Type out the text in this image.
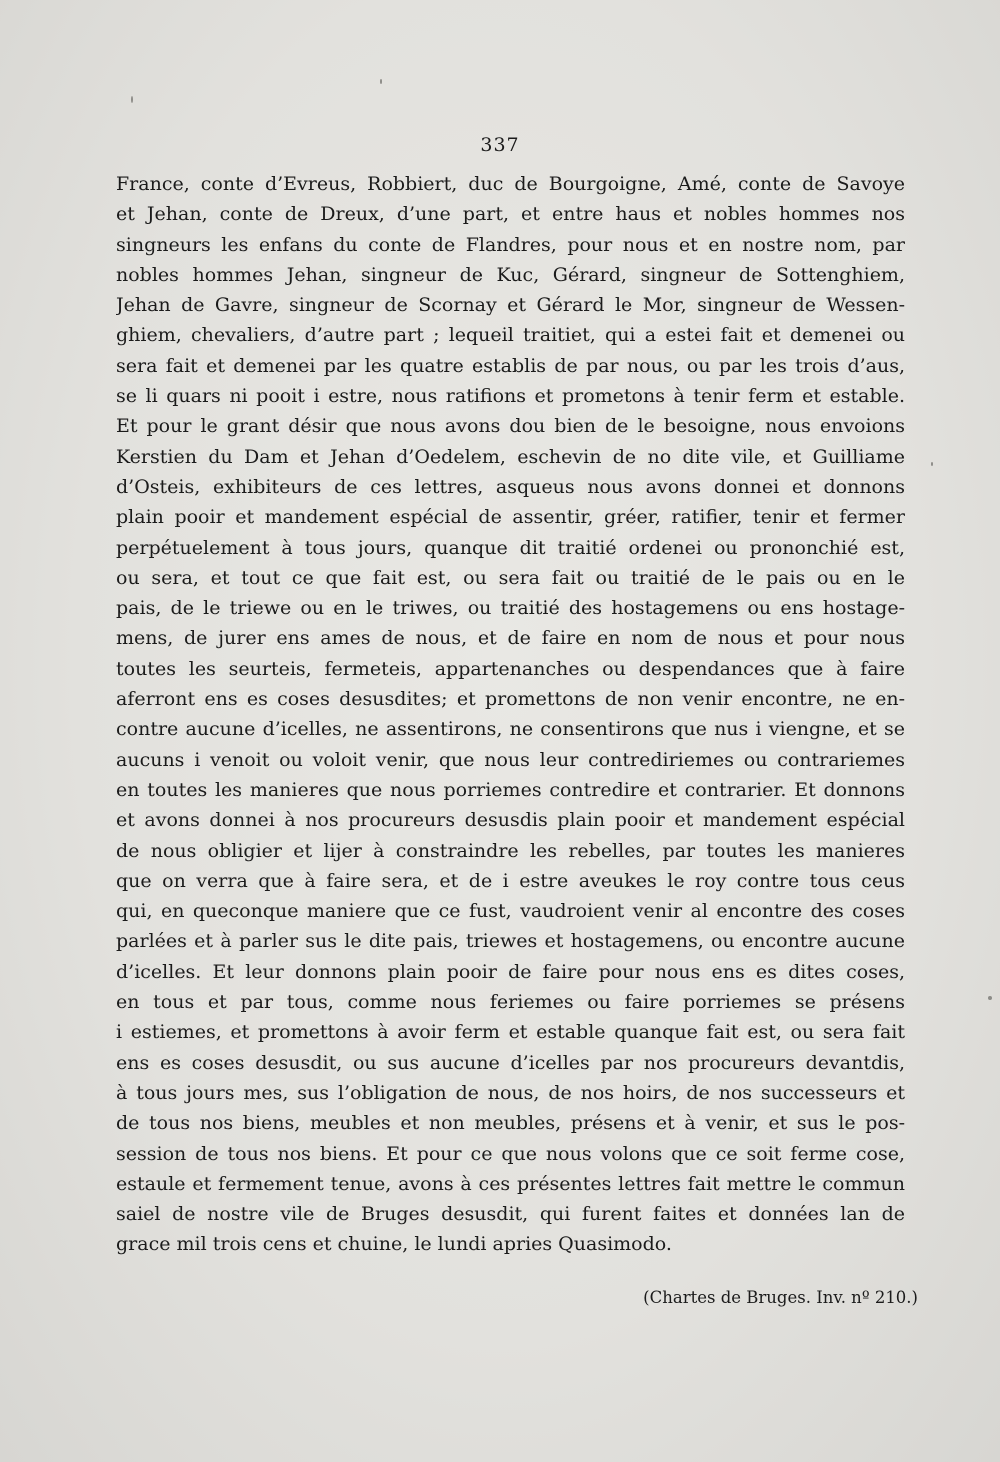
337
France, conte d’Evreus, Robbiert, duc de Bourgoigne, Amé, conte de Savoye
et Jehan, conte de Dreux, d’une part, et entre haus et nobles hommes nos
singneurs les enfans du conte de Flandres, pour nous et en nostre nom, par
nobles hommes Jehan, singneur de Kuc, Gérard, singneur de Sottenghiem,
Jehan de Gavre, singneur de Scornay et Gérard le Mor, singneur de Wessen-
ghiem, chevaliers, d’autre part ; lequeil traitiet, qui a estei fait et demenei ou
sera fait et demenei par les quatre establis de par nous, ou par les trois d’aus,
se li quars ni pooit i estre, nous ratifions et prometons à tenir ferm et estable.
Et pour le grant désir que nous avons dou bien de le besoigne, nous envoions
Kerstien du Dam et Jehan d’Oedelem, eschevin de no dite vile, et Guilliame
d’Osteis, exhibiteurs de ces lettres, asqueus nous avons donnei et donnons
plain pooir et mandement espécial de assentir, gréer, ratifier, tenir et fermer
perpétuelement à tous jours, quanque dit traitié ordenei ou prononchié est,
ou sera, et tout ce que fait est, ou sera fait ou traitié de le pais ou en le
pais, de le triewe ou en le triwes, ou traitié des hostagemens ou ens hostage-
mens, de jurer ens ames de nous, et de faire en nom de nous et pour nous
toutes les seurteis, fermeteis, appartenanches ou despendances que à faire
aferront ens es coses desusdites; et promettons de non venir encontre, ne en-
contre aucune d’icelles, ne assentirons, ne consentirons que nus i viengne, et se
aucuns i venoit ou voloit venir, que nous leur contrediriemes ou contrariemes
en toutes les manieres que nous porriemes contredire et contrarier. Et donnons
et avons donnei à nos procureurs desusdis plain pooir et mandement espécial
de nous obligier et lijer à constraindre les rebelles, par toutes les manieres
que on verra que à faire sera, et de i estre aveukes le roy contre tous ceus
qui, en queconque maniere que ce fust, vaudroient venir al encontre des coses
parlées et à parler sus le dite pais, triewes et hostagemens, ou encontre aucune
d’icelles. Et leur donnons plain pooir de faire pour nous ens es dites coses,
en tous et par tous, comme nous feriemes ou faire porriemes se présens
i estiemes, et promettons à avoir ferm et estable quanque fait est, ou sera fait
ens es coses desusdit, ou sus aucune d’icelles par nos procureurs devantdis,
à tous jours mes, sus l’obligation de nous, de nos hoirs, de nos successeurs et
de tous nos biens, meubles et non meubles, présens et à venir, et sus le pos-
session de tous nos biens. Et pour ce que nous volons que ce soit ferme cose,
estaule et fermement tenue, avons à ces présentes lettres fait mettre le commun
saiel de nostre vile de Bruges desusdit, qui furent faites et données lan de
grace mil trois cens et chuine, le lundi apries Quasimodo.
(Chartes de Bruges. Inv. nº 210.)
